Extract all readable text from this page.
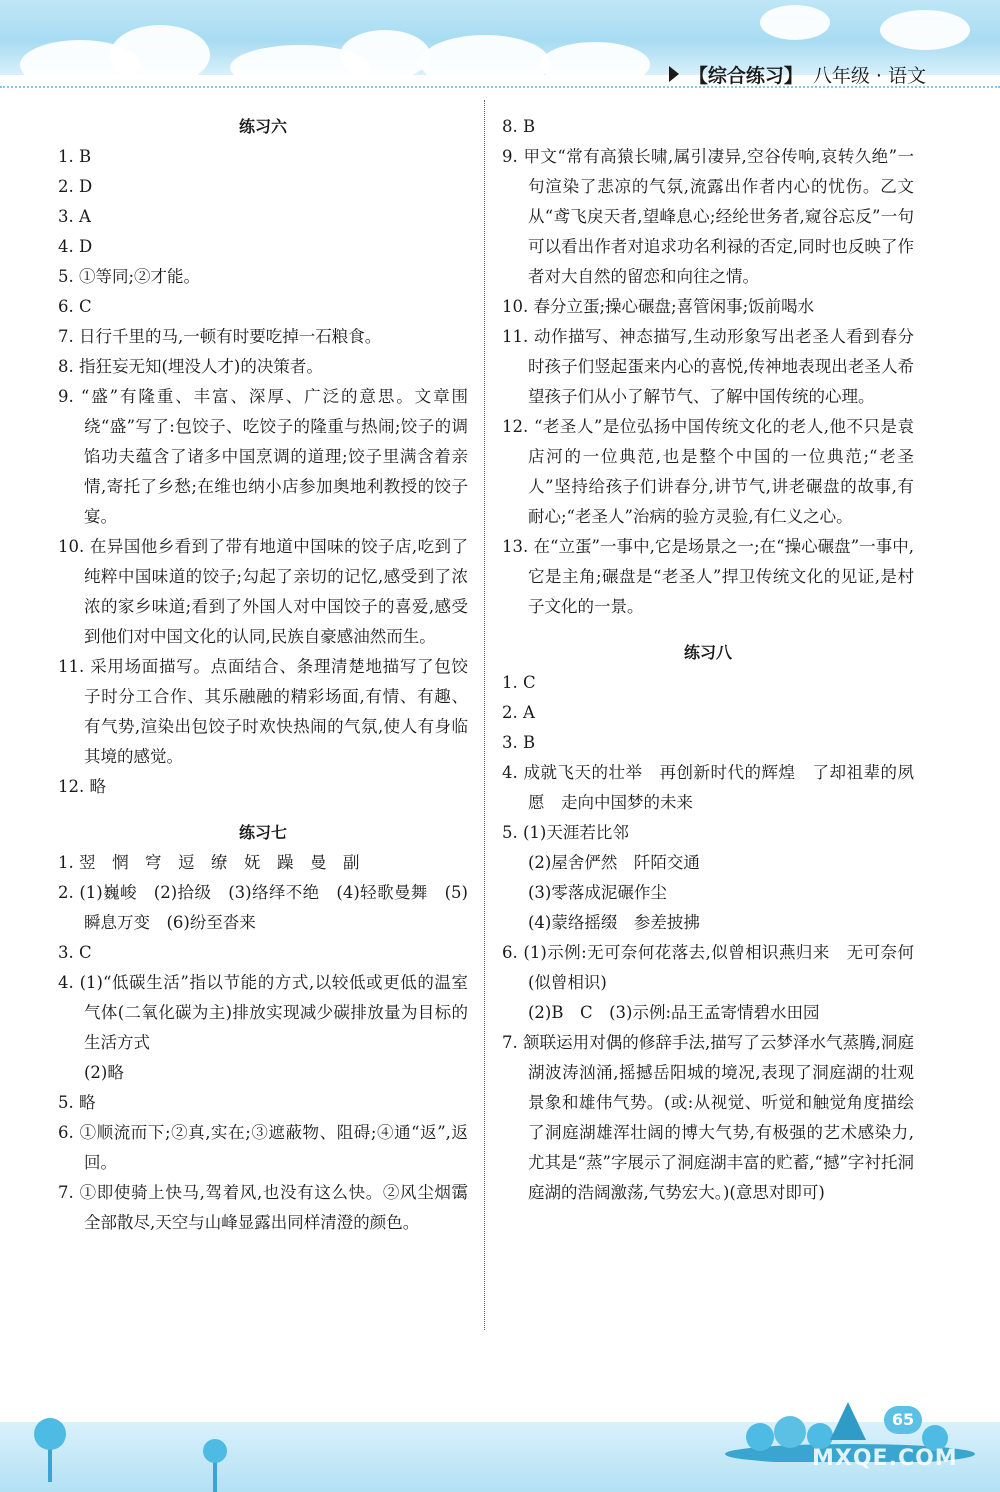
【综合练习】 八年级 · 语文
练习六
1. B
2. D
3. A
4. D
5. ①等同;②才能。
6. C
7. 日行千里的马,一顿有时要吃掉一石粮食。
8. 指狂妄无知(埋没人才)的决策者。
9. “盛”有隆重、丰富、深厚、广泛的意思。文章围绕“盛”写了:包饺子、吃饺子的隆重与热闹;饺子的调馅功夫蕴含了诸多中国烹调的道理;饺子里满含着亲情,寄托了乡愁;在维也纳小店参加奥地利教授的饺子宴。
10. 在异国他乡看到了带有地道中国味的饺子店,吃到了纯粹中国味道的饺子;勾起了亲切的记忆,感受到了浓浓的家乡味道;看到了外国人对中国饺子的喜爱,感受到他们对中国文化的认同,民族自豪感油然而生。
11. 采用场面描写。点面结合、条理清楚地描写了包饺子时分工合作、其乐融融的精彩场面,有情、有趣、有气势,渲染出包饺子时欢快热闹的气氛,使人有身临其境的感觉。
12. 略
练习七
1. 翌　惘　穹　逗　缭　妩　躁　曼　副
2. (1)巍峻　(2)拾级　(3)络绎不绝　(4)轻歌曼舞　(5)瞬息万变　(6)纷至沓来
3. C
4. (1)“低碳生活”指以节能的方式,以较低或更低的温室气体(二氧化碳为主)排放实现减少碳排放量为目标的生活方式
(2)略
5. 略
6. ①顺流而下;②真,实在;③遮蔽物、阻碍;④通“返”,返回。
7. ①即使骑上快马,驾着风,也没有这么快。②风尘烟霭全部散尽,天空与山峰显露出同样清澄的颜色。
8. B
9. 甲文“常有高猿长啸,属引凄异,空谷传响,哀转久绝”一句渲染了悲凉的气氛,流露出作者内心的忧伤。乙文从“鸢飞戾天者,望峰息心;经纶世务者,窥谷忘反”一句可以看出作者对追求功名利禄的否定,同时也反映了作者对大自然的留恋和向往之情。
10. 春分立蛋;操心碾盘;喜管闲事;饭前喝水
11. 动作描写、神态描写,生动形象写出老圣人看到春分时孩子们竖起蛋来内心的喜悦,传神地表现出老圣人希望孩子们从小了解节气、了解中国传统的心理。
12. “老圣人”是位弘扬中国传统文化的老人,他不只是袁店河的一位典范,也是整个中国的一位典范;“老圣人”坚持给孩子们讲春分,讲节气,讲老碾盘的故事,有耐心;“老圣人”治病的验方灵验,有仁义之心。
13. 在“立蛋”一事中,它是场景之一;在“操心碾盘”一事中,它是主角;碾盘是“老圣人”捍卫传统文化的见证,是村子文化的一景。
练习八
1. C
2. A
3. B
4. 成就飞天的壮举　再创新时代的辉煌　了却祖辈的夙愿　走向中国梦的未来
5. (1)天涯若比邻
(2)屋舍俨然　阡陌交通
(3)零落成泥碾作尘
(4)蒙络摇缀　参差披拂
6. (1)示例:无可奈何花落去,似曾相识燕归来　无可奈何(似曾相识)
(2)B　C　(3)示例:品王孟寄情碧水田园
7. 颔联运用对偶的修辞手法,描写了云梦泽水气蒸腾,洞庭湖波涛汹涌,摇撼岳阳城的境况,表现了洞庭湖的壮观景象和雄伟气势。(或:从视觉、听觉和触觉角度描绘了洞庭湖雄浑壮阔的博大气势,有极强的艺术感染力,尤其是“蒸”字展示了洞庭湖丰富的贮蓄,“撼”字衬托洞庭湖的浩阔激荡,气势宏大。)(意思对即可)
65
MXQE.COM
